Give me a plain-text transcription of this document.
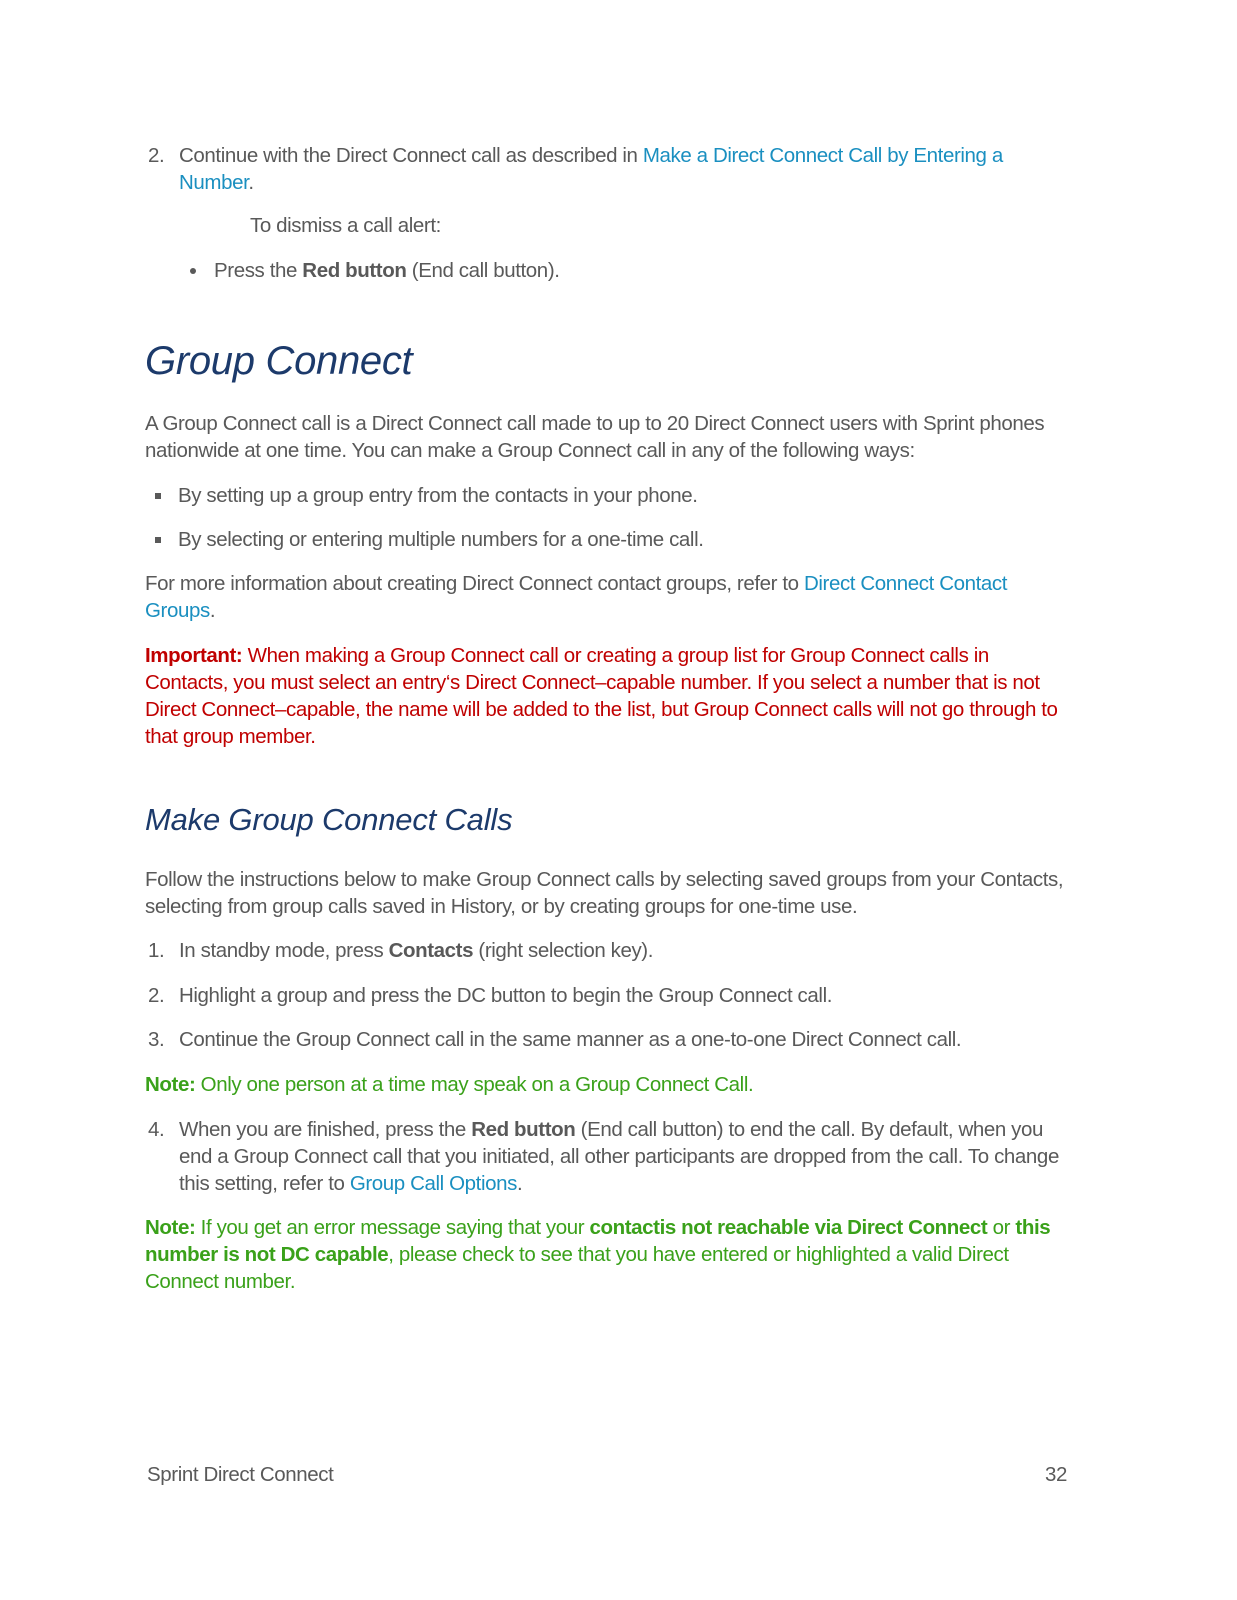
2. Continue with the Direct Connect call as described in Make a Direct Connect Call by Entering a Number.
To dismiss a call alert:
Press the Red button (End call button).
Group Connect
A Group Connect call is a Direct Connect call made to up to 20 Direct Connect users with Sprint phones nationwide at one time. You can make a Group Connect call in any of the following ways:
By setting up a group entry from the contacts in your phone.
By selecting or entering multiple numbers for a one-time call.
For more information about creating Direct Connect contact groups, refer to Direct Connect Contact Groups.
Important: When making a Group Connect call or creating a group list for Group Connect calls in Contacts, you must select an entry‘s Direct Connect–capable number. If you select a number that is not Direct Connect–capable, the name will be added to the list, but Group Connect calls will not go through to that group member.
Make Group Connect Calls
Follow the instructions below to make Group Connect calls by selecting saved groups from your Contacts, selecting from group calls saved in History, or by creating groups for one-time use.
1. In standby mode, press Contacts (right selection key).
2. Highlight a group and press the DC button to begin the Group Connect call.
3. Continue the Group Connect call in the same manner as a one-to-one Direct Connect call.
Note: Only one person at a time may speak on a Group Connect Call.
4. When you are finished, press the Red button (End call button) to end the call. By default, when you end a Group Connect call that you initiated, all other participants are dropped from the call. To change this setting, refer to Group Call Options.
Note: If you get an error message saying that your contactis not reachable via Direct Connect or this number is not DC capable, please check to see that you have entered or highlighted a valid Direct Connect number.
Sprint Direct Connect	32
